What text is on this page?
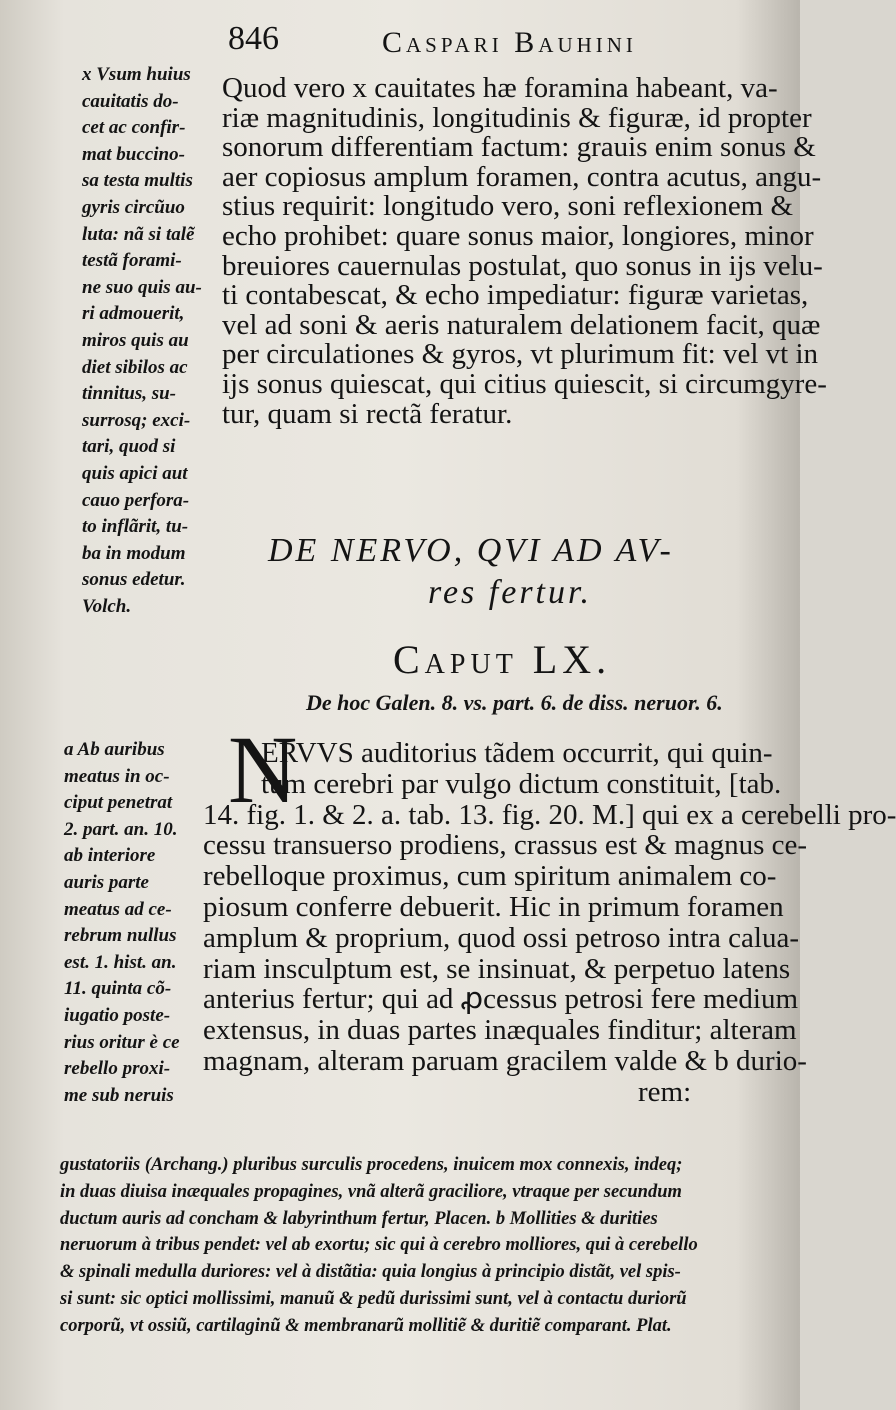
846	Caspari Bauhini
x Vsum huius
cauitatis do-
cet ac confir-
mat buccino-
sa testa multis
gyris circũuo
luta: nã si talẽ
testã forami-
ne suo quis au-
ri admouerit,
miros quis au
diet sibilos ac
tinnitus, su-
surrosq; exci-
tari, quod si
quis apici aut
cauo perfora-
to inflãrit, tu-
ba in modum
sonus edetur.
Volch.
Quod vero x cauitates hæ foramina habeant, va-
riæ magnitudinis, longitudinis & figuræ, id propter
sonorum differentiam factum: grauis enim sonus &
aer copiosus amplum foramen, contra acutus, angu-
stius requirit: longitudo vero, soni reflexionem &
echo prohibet: quare sonus maior, longiores, minor
breuiores cauernulas postulat, quo sonus in ijs velu-
ti contabescat, & echo impediatur: figuræ varietas,
vel ad soni & aeris naturalem delationem facit, quæ
per circulationes & gyros, vt plurimum fit: vel vt in
ijs sonus quiescat, qui citius quiescit, si circumgyre-
tur, quam si rectã feratur.
DE NERVO, QVI AD AV-
res fertur.
Caput LX.
De hoc Galen. 8. vs. part. 6. de diss. neruor. 6.
a Ab auribus
meatus in oc-
ciput penetrat
2. part. an. 10.
ab interiore
auris parte
meatus ad ce-
rebrum nullus
est. 1. hist. an.
11. quinta cõ-
iugatio poste-
rius oritur è ce
rebello proxi-
me sub neruis
N
ERVVS auditorius tãdem occurrit, qui quin-
tum cerebri par vulgo dictum constituit, [tab.
14. fig. 1. & 2. a. tab. 13. fig. 20. M.] qui ex a cerebelli pro-
cessu transuerso prodiens, crassus est & magnus ce-
rebelloque proximus, cum spiritum animalem co-
piosum conferre debuerit. Hic in primum foramen
amplum & proprium, quod ossi petroso intra calua-
riam insculptum est, se insinuat, & perpetuo latens
anterius fertur; qui ad ꝓcessus petrosi fere medium
extensus, in duas partes inæquales finditur; alteram
magnam, alteram paruam gracilem valde & b durio-
rem:
gustatoriis (Archang.) pluribus surculis procedens, inuicem mox connexis, indeq;
in duas diuisa inæquales propagines, vnã alterã graciliore, vtraque per secundum
ductum auris ad concham & labyrinthum fertur, Placen. b Mollities & durities
neruorum à tribus pendet: vel ab exortu; sic qui à cerebro molliores, qui à cerebello
& spinali medulla duriores: vel à distãtia: quia longius à principio distãt, vel spis-
si sunt: sic optici mollissimi, manuũ & pedũ durissimi sunt, vel à contactu duriorũ
corporũ, vt ossiũ, cartilaginũ & membranarũ mollitiẽ & duritiẽ comparant. Plat.
